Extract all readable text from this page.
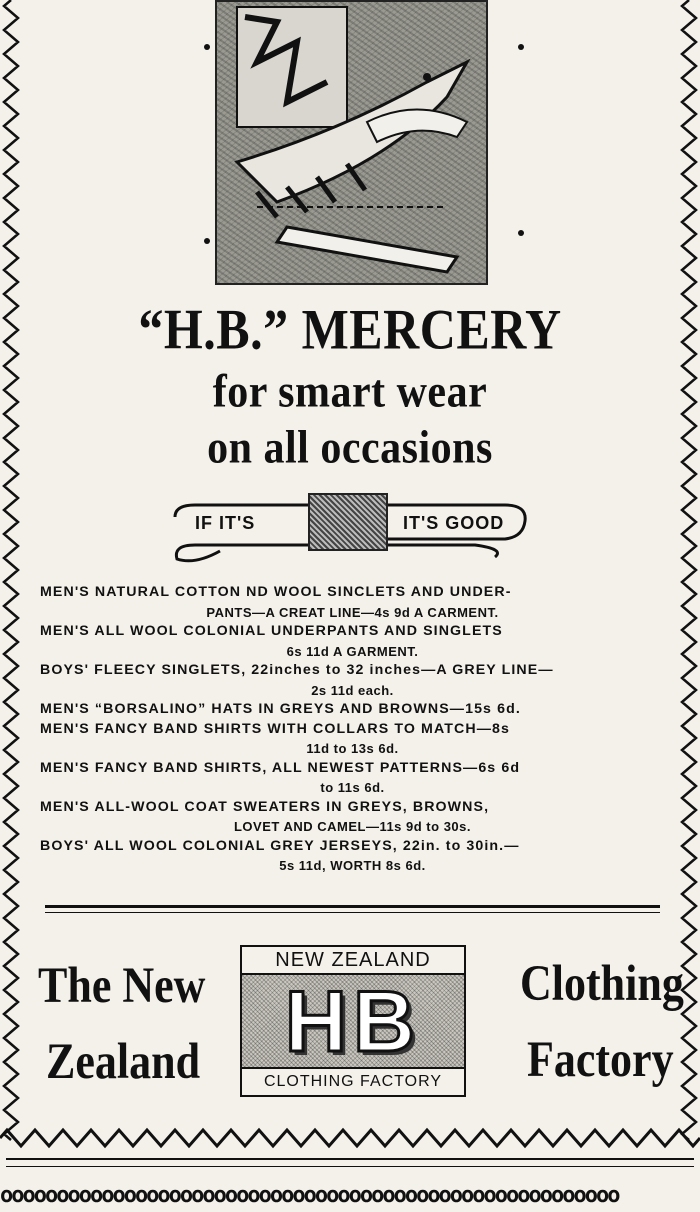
“H.B.” MERCERY
for smart wear
on all occasions
IF IT'S	IT'S GOOD
MEN'S NATURAL COTTON ND WOOL SINCLETS AND UNDER-
PANTS—A CREAT LINE—4s 9d A CARMENT.
MEN'S ALL WOOL COLONIAL UNDERPANTS AND SINGLETS
6s 11d A GARMENT.
BOYS' FLEECY SINGLETS, 22inches to 32 inches—A GREY LINE—
2s 11d each.
MEN'S “BORSALINO” HATS IN GREYS AND BROWNS—15s 6d.
MEN'S FANCY BAND SHIRTS WITH COLLARS TO MATCH—8s
11d to 13s 6d.
MEN'S FANCY BAND SHIRTS, ALL NEWEST PATTERNS—6s 6d
to 11s 6d.
MEN'S ALL-WOOL COAT SWEATERS IN GREYS, BROWNS,
LOVET AND CAMEL—11s 9d to 30s.
BOYS' ALL WOOL COLONIAL GREY JERSEYS, 22in. to 30in.—
5s 11d, WORTH 8s 6d.
The New
Zealand
Clothing
Factory
NEW ZEALAND
HB
CLOTHING FACTORY
ooooooooooooooooooooooooooooooooooooooooooooooooooooooo
